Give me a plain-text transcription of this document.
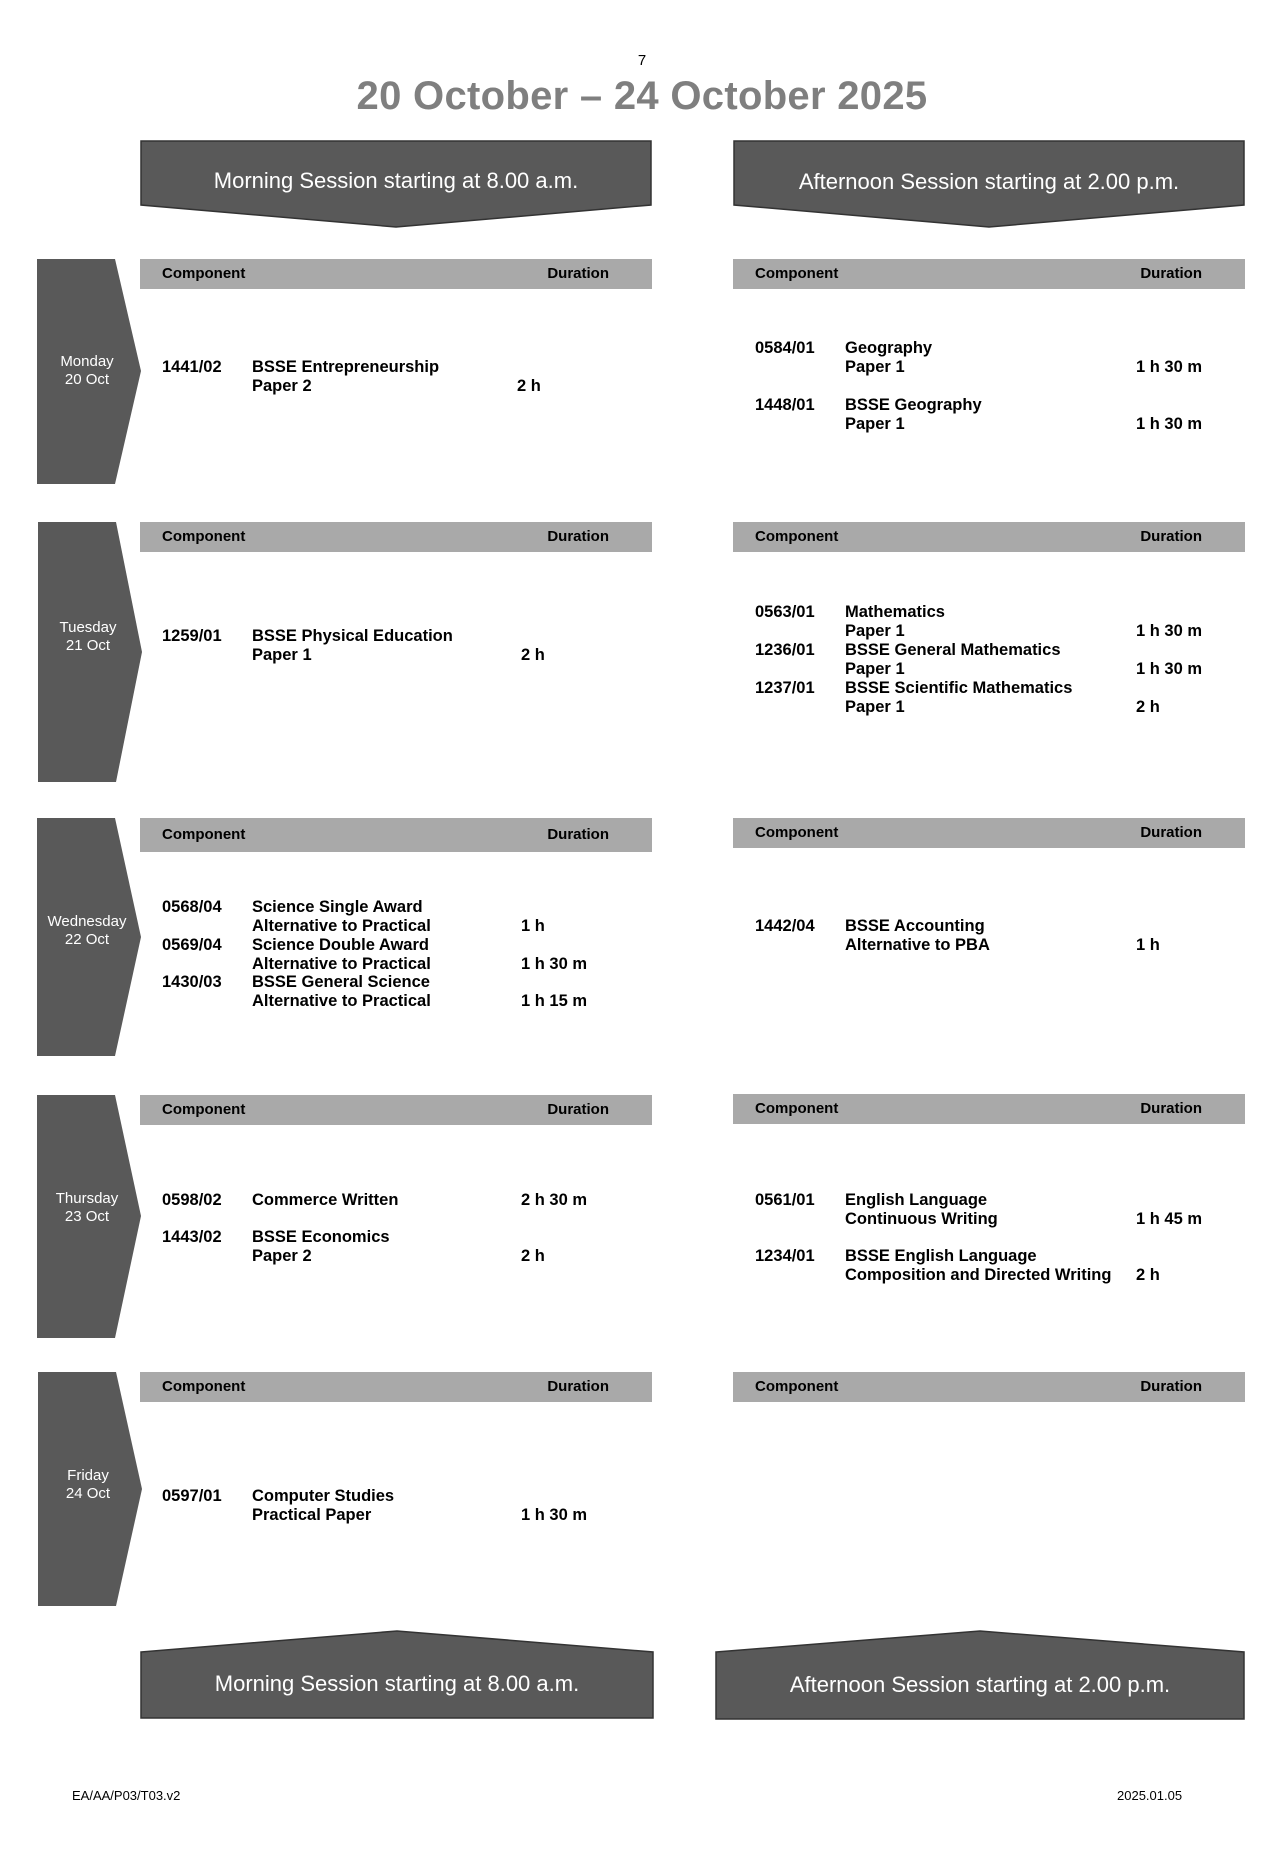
7
20 October – 24 October 2025
Morning Session starting at 8.00 a.m.	Afternoon Session starting at 2.00 p.m.
Monday
20 Oct
Component	Duration	Component	Duration
1441/02 BSSE Entrepreneurship
Paper 2	2 h
0584/01 Geography
Paper 1	1 h 30 m
1448/01 BSSE Geography
Paper 1	1 h 30 m
Tuesday
21 Oct
Component	Duration	Component	Duration
1259/01 BSSE Physical Education
Paper 1	2 h
0563/01 Mathematics
Paper 1	1 h 30 m
1236/01 BSSE General Mathematics
Paper 1	1 h 30 m
1237/01 BSSE Scientific Mathematics
Paper 1	2 h
Wednesday
22 Oct
Component	Duration	Component	Duration
0568/04 Science Single Award
Alternative to Practical	1 h
0569/04 Science Double Award
Alternative to Practical	1 h 30 m
1430/03 BSSE General Science
Alternative to Practical	1 h 15 m
1442/04 BSSE Accounting
Alternative to PBA	1 h
Thursday
23 Oct
Component	Duration	Component	Duration
0598/02 Commerce Written	2 h 30 m
1443/02 BSSE Economics
Paper 2	2 h
0561/01 English Language
Continuous Writing	1 h 45 m
1234/01 BSSE English Language
Composition and Directed Writing 2 h
Friday
24 Oct
Component	Duration	Component	Duration
0597/01 Computer Studies
Practical Paper	1 h 30 m
Morning Session starting at 8.00 a.m.	Afternoon Session starting at 2.00 p.m.
EA/AA/P03/T03.v2	2025.01.05
